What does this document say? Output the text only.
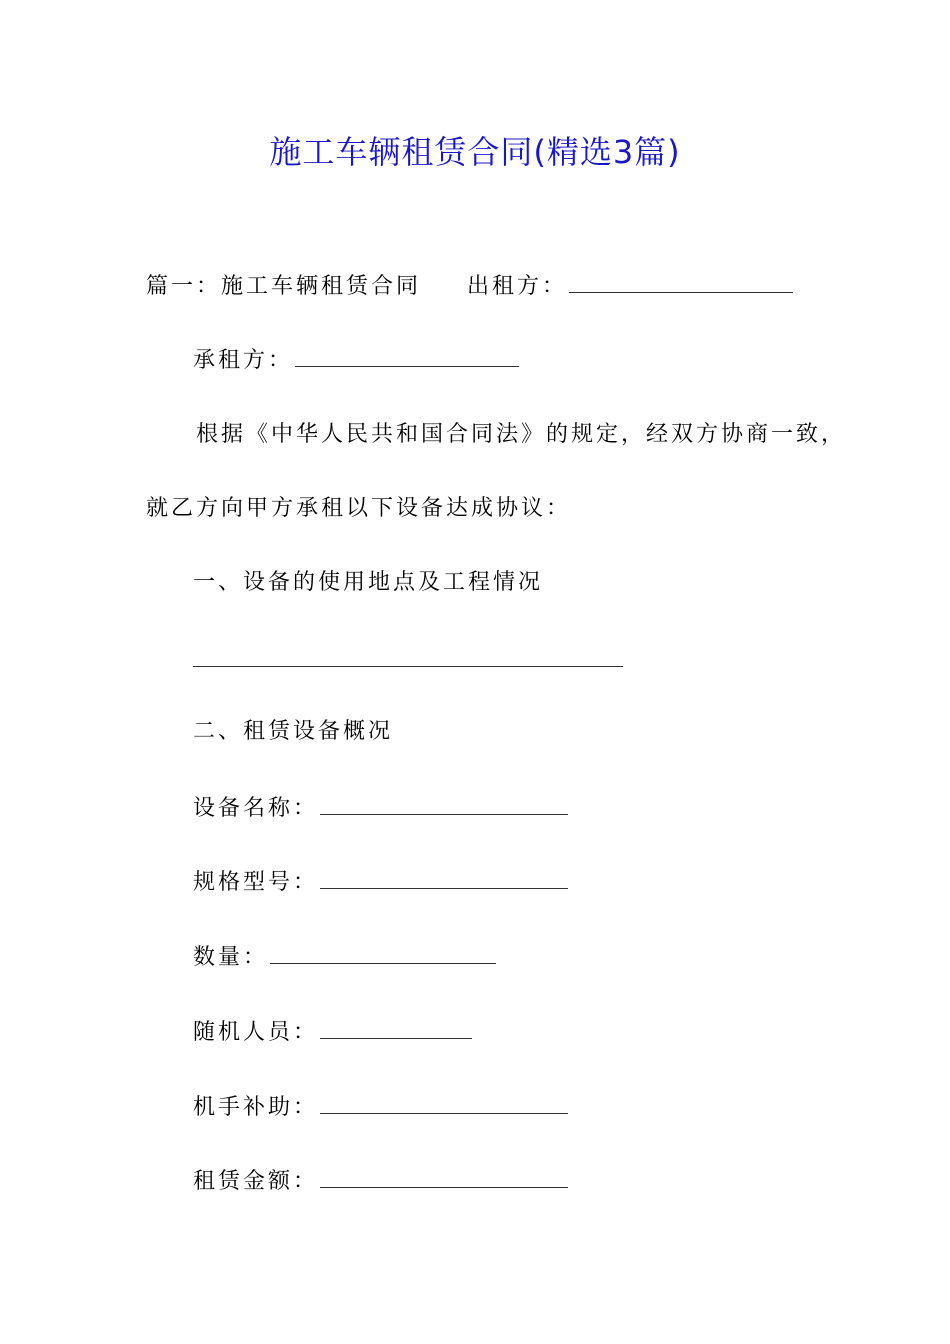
施工车辆租赁合同(精选3篇)
篇一：施工车辆租赁合同 出租方：
承租方：
根据《中华人民共和国合同法》的规定，经双方协商一致，
就乙方向甲方承租以下设备达成协议：
一、设备的使用地点及工程情况
二、租赁设备概况
设备名称：
规格型号：
数量：
随机人员：
机手补助：
租赁金额：
